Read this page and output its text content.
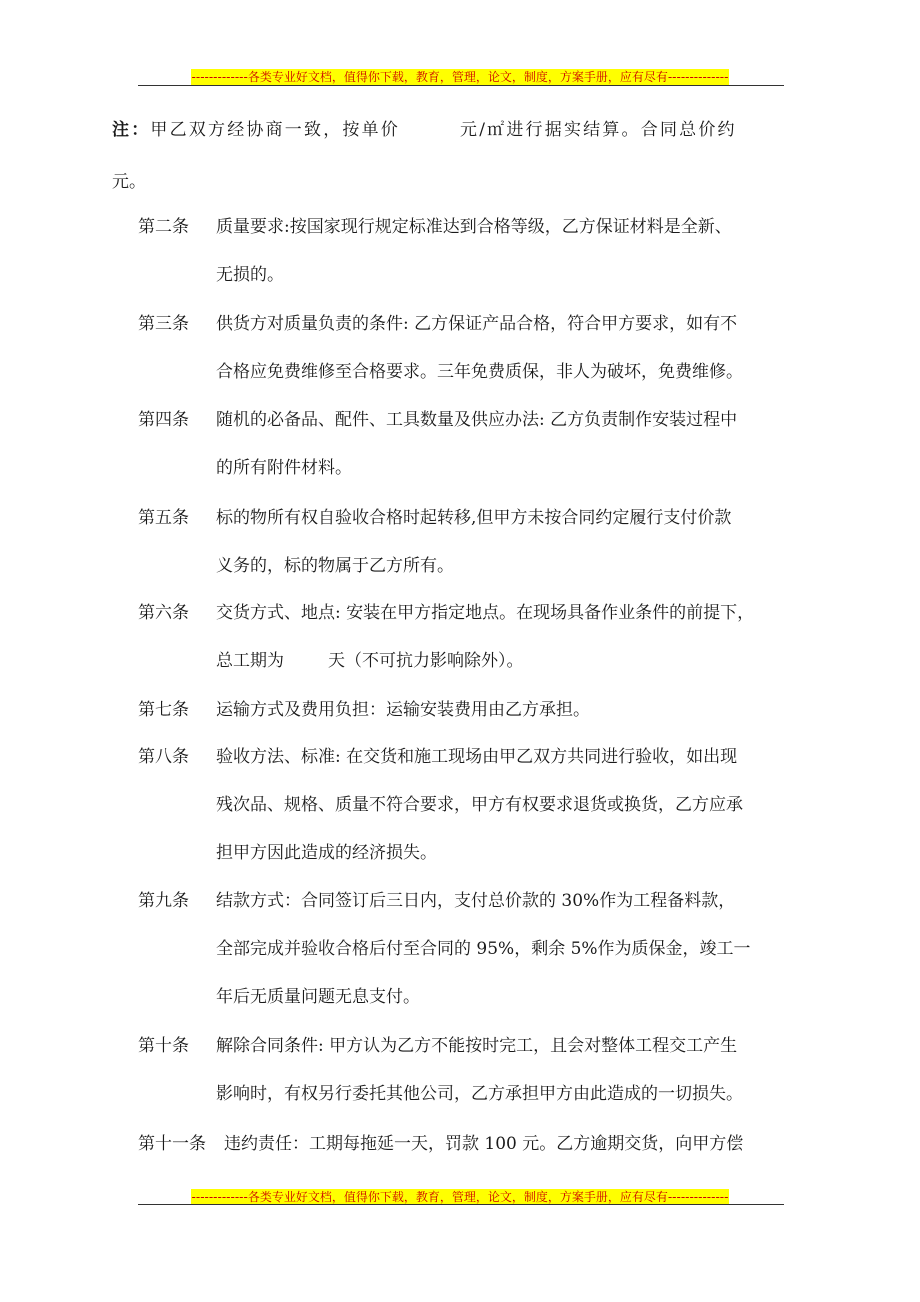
-------------各类专业好文档，值得你下载，教育，管理，论文，制度，方案手册，应有尽有--------------
注：甲乙双方经协商一致，按单价	元/㎡进行据实结算。合同总价约
元。
第二条 质量要求:按国家现行规定标准达到合格等级，乙方保证材料是全新、
无损的。
第三条 供货方对质量负责的条件: 乙方保证产品合格，符合甲方要求，如有不
合格应免费维修至合格要求。三年免费质保，非人为破坏，免费维修。
第四条 随机的必备品、配件、工具数量及供应办法: 乙方负责制作安装过程中
的所有附件材料。
第五条 标的物所有权自验收合格时起转移,但甲方未按合同约定履行支付价款
义务的，标的物属于乙方所有。
第六条 交货方式、地点: 安装在甲方指定地点。在现场具备作业条件的前提下，
总工期为	天（不可抗力影响除外）。
第七条 运输方式及费用负担：运输安装费用由乙方承担。
第八条 验收方法、标准: 在交货和施工现场由甲乙双方共同进行验收，如出现
残次品、规格、质量不符合要求，甲方有权要求退货或换货，乙方应承
担甲方因此造成的经济损失。
第九条 结款方式：合同签订后三日内，支付总价款的 30%作为工程备料款，
全部完成并验收合格后付至合同的 95%，剩余 5%作为质保金，竣工一
年后无质量问题无息支付。
第十条 解除合同条件: 甲方认为乙方不能按时完工，且会对整体工程交工产生
影响时，有权另行委托其他公司，乙方承担甲方由此造成的一切损失。
第十一条 违约责任：工期每拖延一天，罚款 100 元。乙方逾期交货，向甲方偿
-------------各类专业好文档，值得你下载，教育，管理，论文，制度，方案手册，应有尽有--------------
